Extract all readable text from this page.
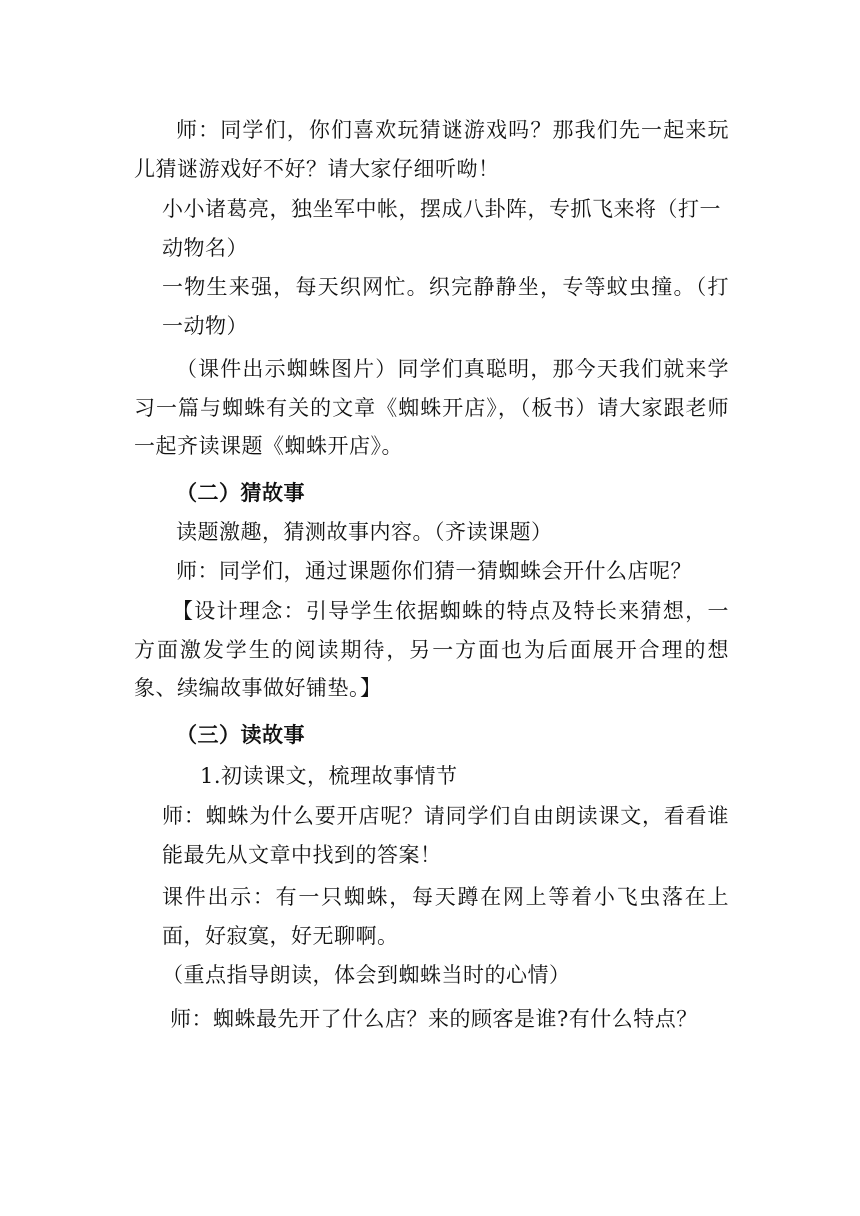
师：同学们，你们喜欢玩猜谜游戏吗？那我们先一起来玩儿猜谜游戏好不好？请大家仔细听呦！

小小诸葛亮，独坐军中帐，摆成八卦阵，专抓飞来将（打一动物名）

一物生来强，每天织网忙。织完静静坐，专等蚊虫撞。（打一动物）

（课件出示蜘蛛图片）同学们真聪明，那今天我们就来学习一篇与蜘蛛有关的文章《蜘蛛开店》，（板书）请大家跟老师一起齐读课题《蜘蛛开店》。

（二）猜故事

读题激趣，猜测故事内容。（齐读课题）

师：同学们，通过课题你们猜一猜蜘蛛会开什么店呢？

【设计理念：引导学生依据蜘蛛的特点及特长来猜想，一方面激发学生的阅读期待，另一方面也为后面展开合理的想象、续编故事做好铺垫。】

（三）读故事

1.初读课文，梳理故事情节

师：蜘蛛为什么要开店呢？请同学们自由朗读课文，看看谁能最先从文章中找到的答案！

课件出示：有一只蜘蛛，每天蹲在网上等着小飞虫落在上面，好寂寞，好无聊啊。

（重点指导朗读，体会到蜘蛛当时的心情）

师：蜘蛛最先开了什么店？来的顾客是谁?有什么特点？
